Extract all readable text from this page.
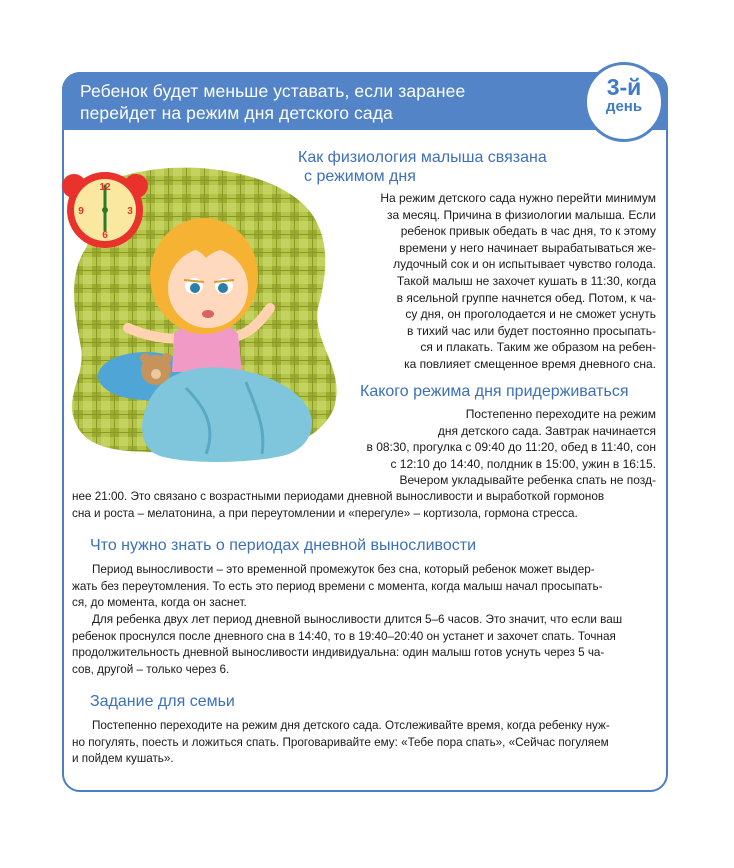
Ребенок будет меньше уставать, если заранее
перейдет на режим дня детского сада
3-й
день
12
3
6
9
Как физиология малыша связана
с режимом дня
На режим детского сада нужно перейти минимум
за месяц. Причина в физиологии малыша. Если
ребенок привык обедать в час дня, то к этому
времени у него начинает вырабатываться же-
лудочный сок и он испытывает чувство голода.
Такой малыш не захочет кушать в 11:30, когда
в ясельной группе начнется обед. Потом, к ча-
су дня, он проголодается и не сможет уснуть
в тихий час или будет постоянно просыпать-
ся и плакать. Таким же образом на ребен-
ка повлияет смещенное время дневного сна.
Какого режима дня придерживаться
Постепенно переходите на режим
дня детского сада. Завтрак начинается
в 08:30, прогулка с 09:40 до 11:20, обед в 11:40, сон
с 12:10 до 14:40, полдник в 15:00, ужин в 16:15.
Вечером укладывайте ребенка спать не позд-
нее 21:00. Это связано с возрастными периодами дневной выносливости и выработкой гормонов
сна и роста – мелатонина, а при переутомлении и «перегуле» – кортизола, гормона стресса.
Что нужно знать о периодах дневной выносливости
Период выносливости – это временной промежуток без сна, который ребенок может выдер-
жать без переутомления. То есть это период времени с момента, когда малыш начал просыпать-
ся, до момента, когда он заснет.
Для ребенка двух лет период дневной выносливости длится 5–6 часов. Это значит, что если ваш
ребенок проснулся после дневного сна в 14:40, то в 19:40–20:40 он устанет и захочет спать. Точная
продолжительность дневной выносливости индивидуальна: один малыш готов уснуть через 5 ча-
сов, другой – только через 6.
Задание для семьи
Постепенно переходите на режим дня детского сада. Отслеживайте время, когда ребенку нуж-
но погулять, поесть и ложиться спать. Проговаривайте ему: «Тебе пора спать», «Сейчас погуляем
и пойдем кушать».
